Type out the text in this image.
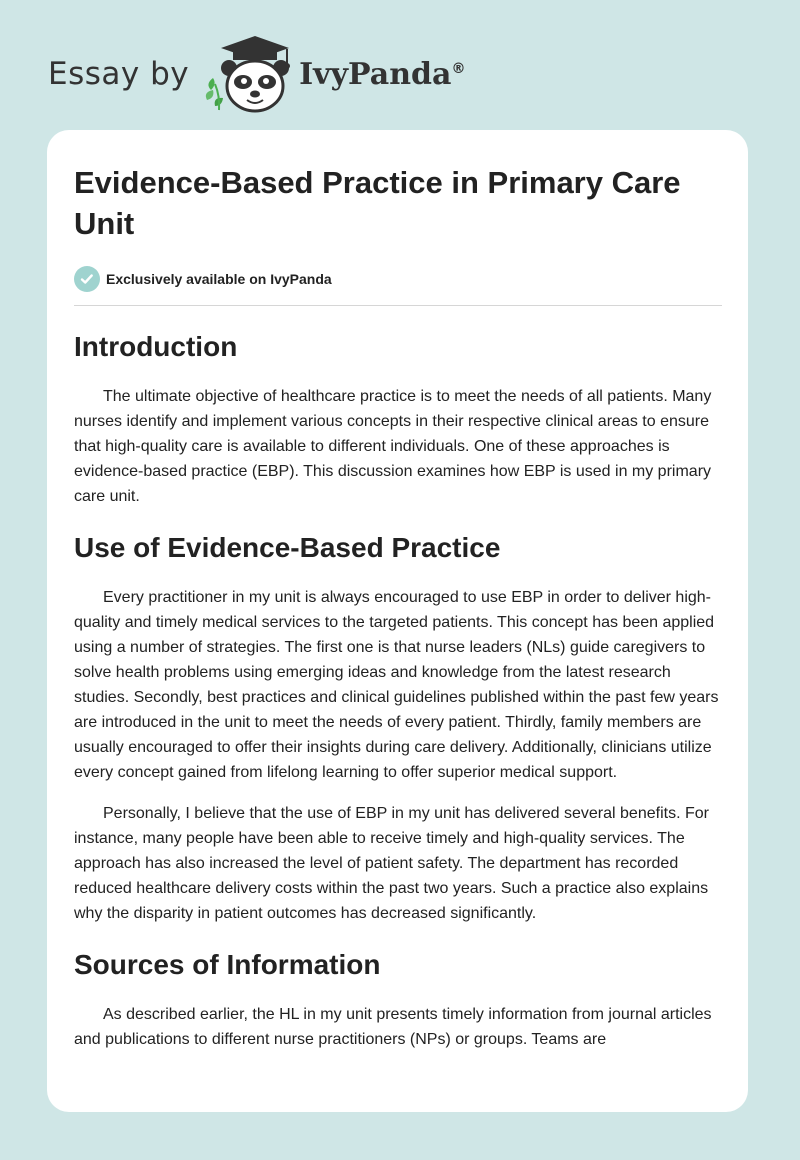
Essay by	IvyPanda®
Evidence-Based Practice in Primary Care Unit
Exclusively available on IvyPanda
Introduction

The ultimate objective of healthcare practice is to meet the needs of all patients. Many nurses identify and implement various concepts in their respective clinical areas to ensure that high-quality care is available to different individuals. One of these approaches is evidence-based practice (EBP). This discussion examines how EBP is used in my primary care unit.

Use of Evidence-Based Practice

Every practitioner in my unit is always encouraged to use EBP in order to deliver high-quality and timely medical services to the targeted patients. This concept has been applied using a number of strategies. The first one is that nurse leaders (NLs) guide caregivers to solve health problems using emerging ideas and knowledge from the latest research studies. Secondly, best practices and clinical guidelines published within the past few years are introduced in the unit to meet the needs of every patient. Thirdly, family members are usually encouraged to offer their insights during care delivery. Additionally, clinicians utilize every concept gained from lifelong learning to offer superior medical support.

Personally, I believe that the use of EBP in my unit has delivered several benefits. For instance, many people have been able to receive timely and high-quality services. The approach has also increased the level of patient safety. The department has recorded reduced healthcare delivery costs within the past two years. Such a practice also explains why the disparity in patient outcomes has decreased significantly.

Sources of Information

As described earlier, the HL in my unit presents timely information from journal articles and publications to different nurse practitioners (NPs) or groups. Teams are
